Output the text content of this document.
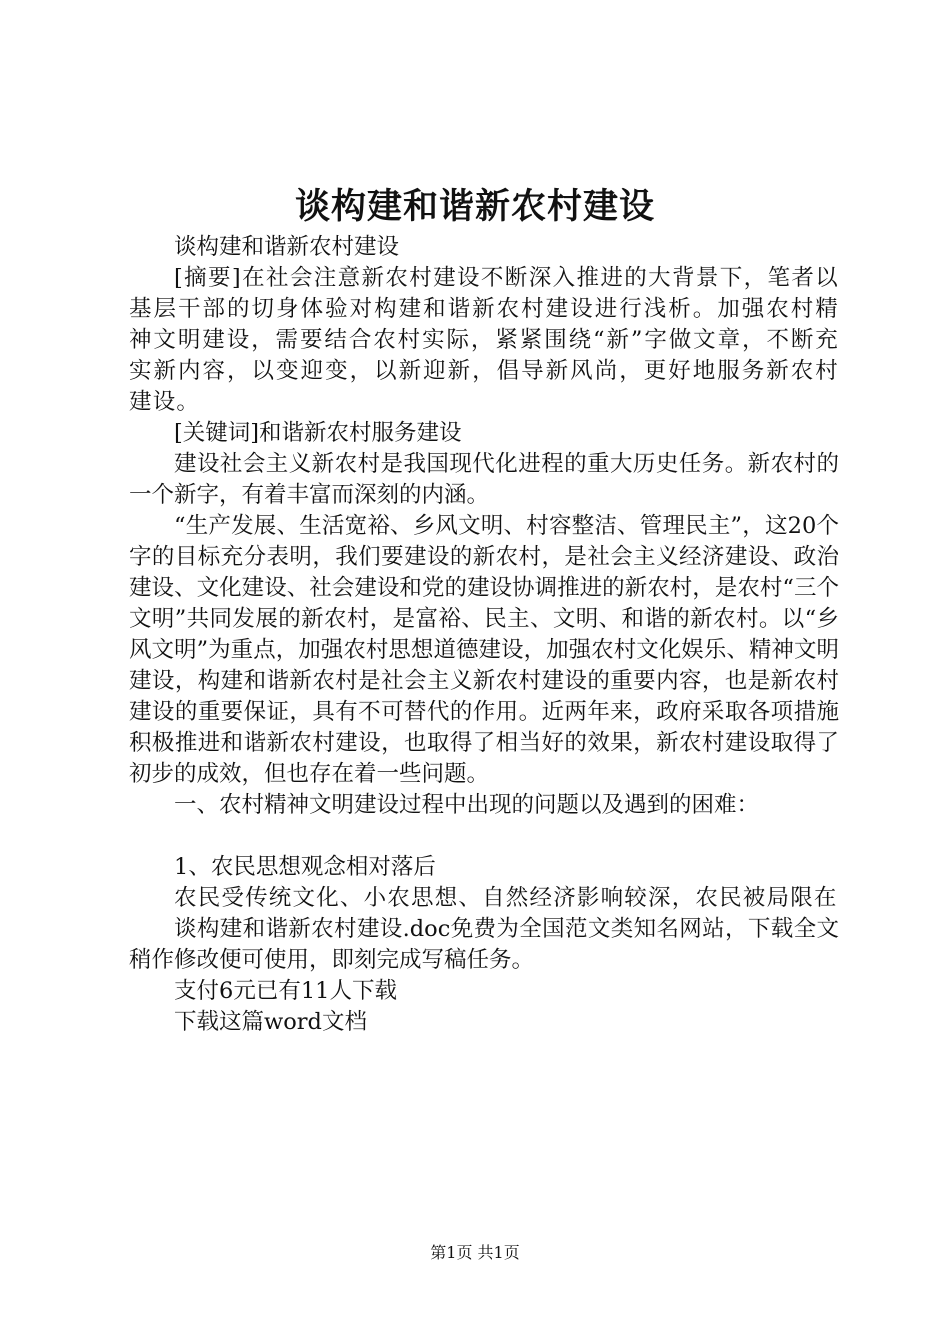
谈构建和谐新农村建设

谈构建和谐新农村建设

[摘要]在社会注意新农村建设不断深入推进的大背景下，笔者以基层干部的切身体验对构建和谐新农村建设进行浅析。加强农村精神文明建设，需要结合农村实际，紧紧围绕“新”字做文章，不断充实新内容，以变迎变，以新迎新，倡导新风尚，更好地服务新农村建设。

[关键词]和谐新农村服务建设

建设社会主义新农村是我国现代化进程的重大历史任务。新农村的一个新字，有着丰富而深刻的内涵。

“生产发展、生活宽裕、乡风文明、村容整洁、管理民主”，这20个字的目标充分表明，我们要建设的新农村，是社会主义经济建设、政治建设、文化建设、社会建设和党的建设协调推进的新农村，是农村“三个文明”共同发展的新农村，是富裕、民主、文明、和谐的新农村。以“乡风文明”为重点，加强农村思想道德建设，加强农村文化娱乐、精神文明建设，构建和谐新农村是社会主义新农村建设的重要内容，也是新农村建设的重要保证，具有不可替代的作用。近两年来，政府采取各项措施积极推进和谐新农村建设，也取得了相当好的效果，新农村建设取得了初步的成效，但也存在着一些问题。

一、农村精神文明建设过程中出现的问题以及遇到的困难：

1、农民思想观念相对落后

农民受传统文化、小农思想、自然经济影响较深，农民被局限在

谈构建和谐新农村建设.doc免费为全国范文类知名网站，下载全文稍作修改便可使用，即刻完成写稿任务。

支付6元已有11人下载

下载这篇word文档

第1页 共1页
